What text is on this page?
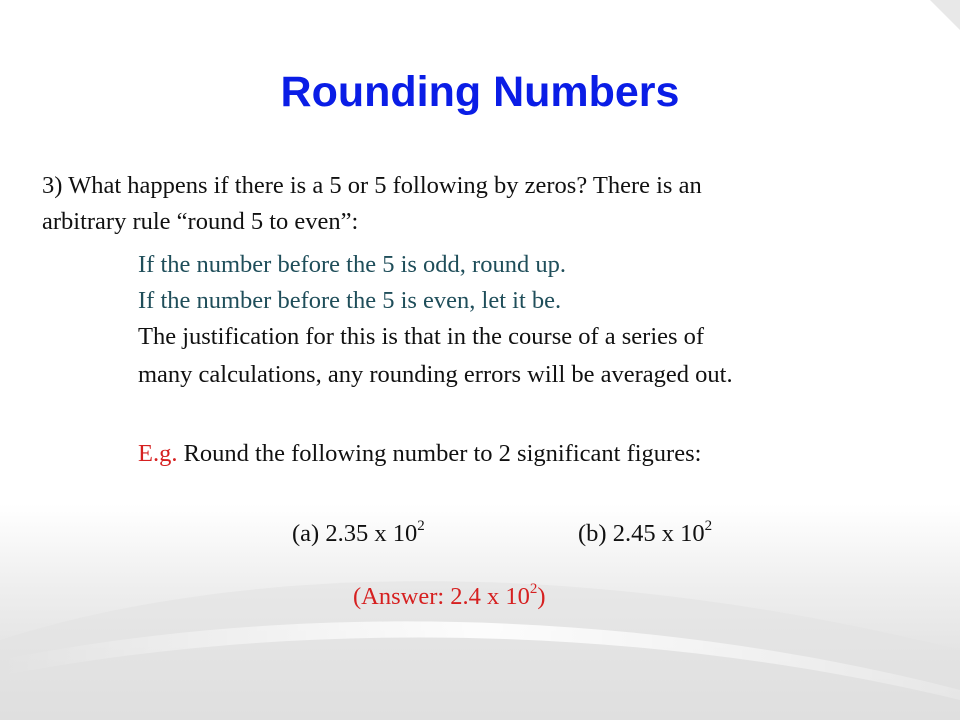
Rounding Numbers
3) What happens if there is a 5 or 5 following by zeros? There is an
arbitrary rule “round 5 to even”:
If the number before the 5 is odd, round up.
If the number before the 5 is even, let it be.
The justification for this is that in the course of a series of
many calculations, any rounding errors will be averaged out.
E.g. Round the following number to 2 significant figures:
(a) 2.35 x $10^2$	(b) 2.45 x $10^2$
(Answer: 2.4 x $10^2$)
